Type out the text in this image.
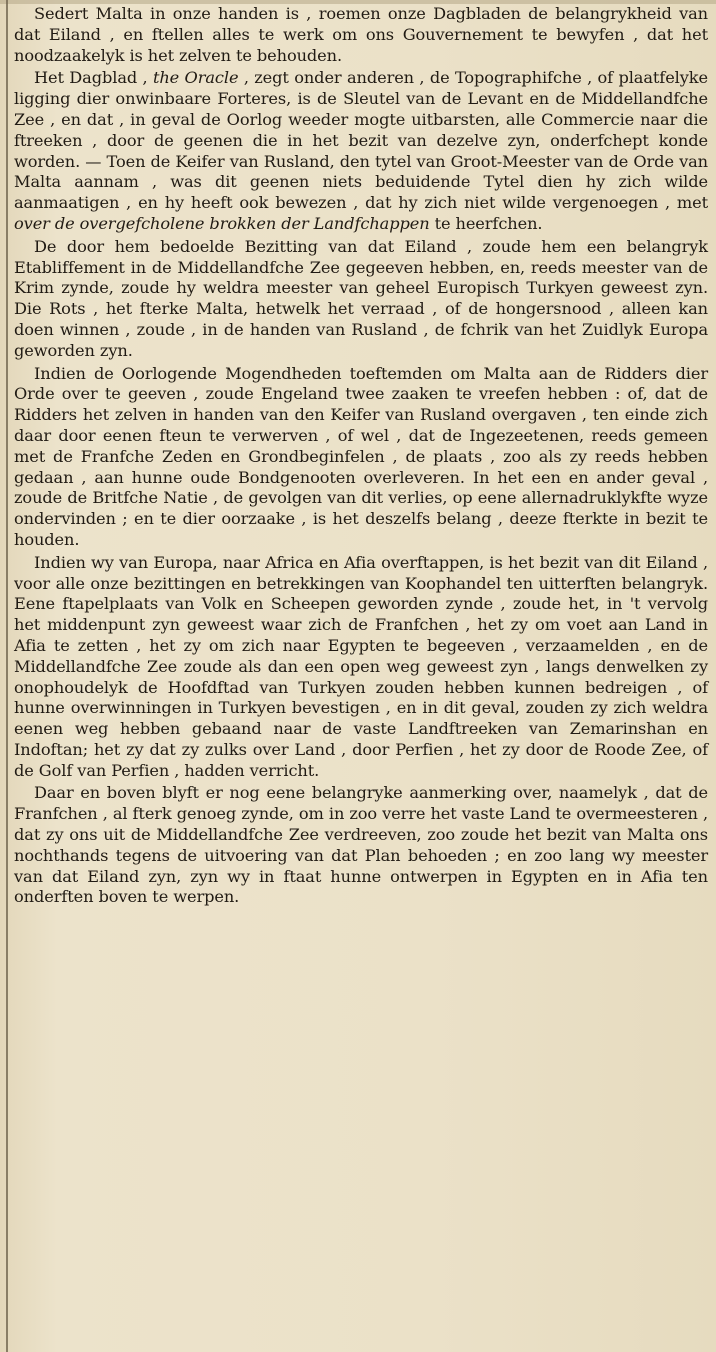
Sedert Malta in onze handen is , roemen onze Dagbladen de belangrykheid van dat Eiland , en ftellen alles te werk om ons Gouvernement te bewyfen , dat het noodzaakelyk is het zelven te behouden.

Het Dagblad , the Oracle , zegt onder anderen , de Topographifche , of plaatfelyke ligging dier onwinbaare Forteres, is de Sleutel van de Levant en de Middellandfche Zee , en dat , in geval de Oorlog weeder mogte uitbarsten, alle Commercie naar die ftreeken , door de geenen die in het bezit van dezelve zyn, onderfchept konde worden. — Toen de Keifer van Rusland, den tytel van Groot-Meester van de Orde van Malta aannam , was dit geenen niets beduidende Tytel dien hy zich wilde aanmaatigen , en hy heeft ook bewezen , dat hy zich niet wilde vergenoegen , met over de overgefcholene brokken der Landfchappen te heerfchen.

De door hem bedoelde Bezitting van dat Eiland , zoude hem een belangryk Etabliffement in de Middellandfche Zee gegeeven hebben, en, reeds meester van de Krim zynde, zoude hy weldra meester van geheel Europisch Turkyen geweest zyn. Die Rots , het fterke Malta, hetwelk het verraad , of de hongersnood , alleen kan doen winnen , zoude , in de handen van Rusland , de fchrik van het Zuidlyk Europa geworden zyn.

Indien de Oorlogende Mogendheden toeftemden om Malta aan de Ridders dier Orde over te geeven , zoude Engeland twee zaaken te vreefen hebben : of, dat de Ridders het zelven in handen van den Keifer van Rusland overgaven , ten einde zich daar door eenen fteun te verwerven , of wel , dat de Ingezeetenen, reeds gemeen met de Franfche Zeden en Grondbeginfelen , de plaats , zoo als zy reeds hebben gedaan , aan hunne oude Bondgenooten overleveren. In het een en ander geval , zoude de Britfche Natie , de gevolgen van dit verlies, op eene allernadruklykfte wyze ondervinden ; en te dier oorzaake , is het deszelfs belang , deeze fterkte in bezit te houden.

Indien wy van Europa, naar Africa en Afia overftappen, is het bezit van dit Eiland , voor alle onze bezittingen en betrekkingen van Koophandel ten uitterften belangryk. Eene ftapelplaats van Volk en Scheepen geworden zynde , zoude het, in 't vervolg het middenpunt zyn geweest waar zich de Franfchen , het zy om voet aan Land in Afia te zetten , het zy om zich naar Egypten te begeeven , verzaamelden , en de Middellandfche Zee zoude als dan een open weg geweest zyn , langs denwelken zy onophoudelyk de Hoofdftad van Turkyen zouden hebben kunnen bedreigen , of hunne overwinningen in Turkyen bevestigen , en in dit geval, zouden zy zich weldra eenen weg hebben gebaand naar de vaste Landftreeken van Zemarinshan en Indoftan; het zy dat zy zulks over Land , door Perfien , het zy door de Roode Zee, of de Golf van Perfien , hadden verricht.

Daar en boven blyft er nog eene belangryke aanmerking over, naamelyk , dat de Franfchen , al fterk genoeg zynde, om in zoo verre het vaste Land te overmeesteren , dat zy ons uit de Middellandfche Zee verdreeven, zoo zoude het bezit van Malta ons nochthands tegens de uitvoering van dat Plan behoeden ; en zoo lang wy meester van dat Eiland zyn, zyn wy in ftaat hunne ontwerpen in Egypten en in Afia ten onderften boven te werpen.
